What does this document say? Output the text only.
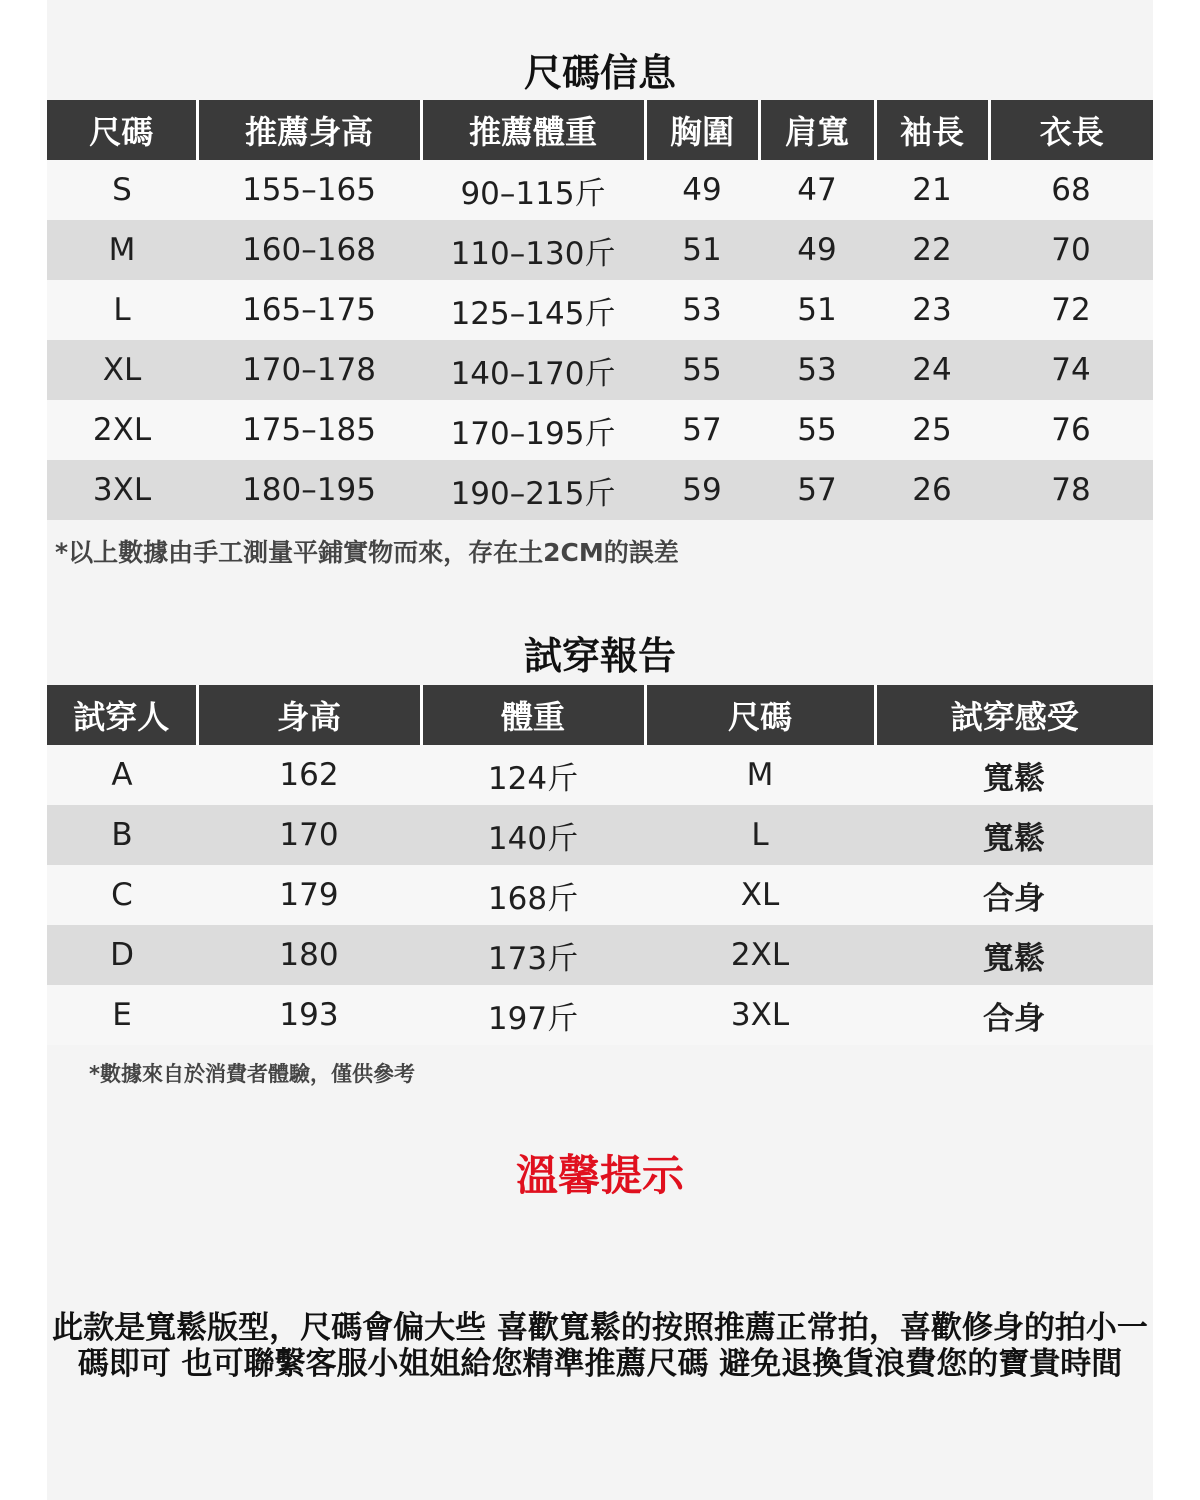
尺碼信息
尺碼	推薦身高	推薦體重	胸圍	肩寬	袖長	衣長
S	155–165	90–115斤	49	47	21	68
M	160–168	110–130斤	51	49	22	70
L	165–175	125–145斤	53	51	23	72
XL	170–178	140–170斤	55	53	24	74
2XL	175–185	170–195斤	57	55	25	76
3XL	180–195	190–215斤	59	57	26	78
*以上數據由手工測量平鋪實物而來，存在土2CM的誤差
試穿報告
試穿人	身高	體重	尺碼	試穿感受
A	162	124斤	M	寬鬆
B	170	140斤	L	寬鬆
C	179	168斤	XL	合身
D	180	173斤	2XL	寬鬆
E	193	197斤	3XL	合身
*數據來自於消費者體驗，僅供參考
溫馨提示
此款是寬鬆版型，尺碼會偏大些 喜歡寬鬆的按照推薦正常拍，喜歡修身的拍小一碼即可 也可聯繫客服小姐姐給您精準推薦尺碼 避免退換貨浪費您的寶貴時間
